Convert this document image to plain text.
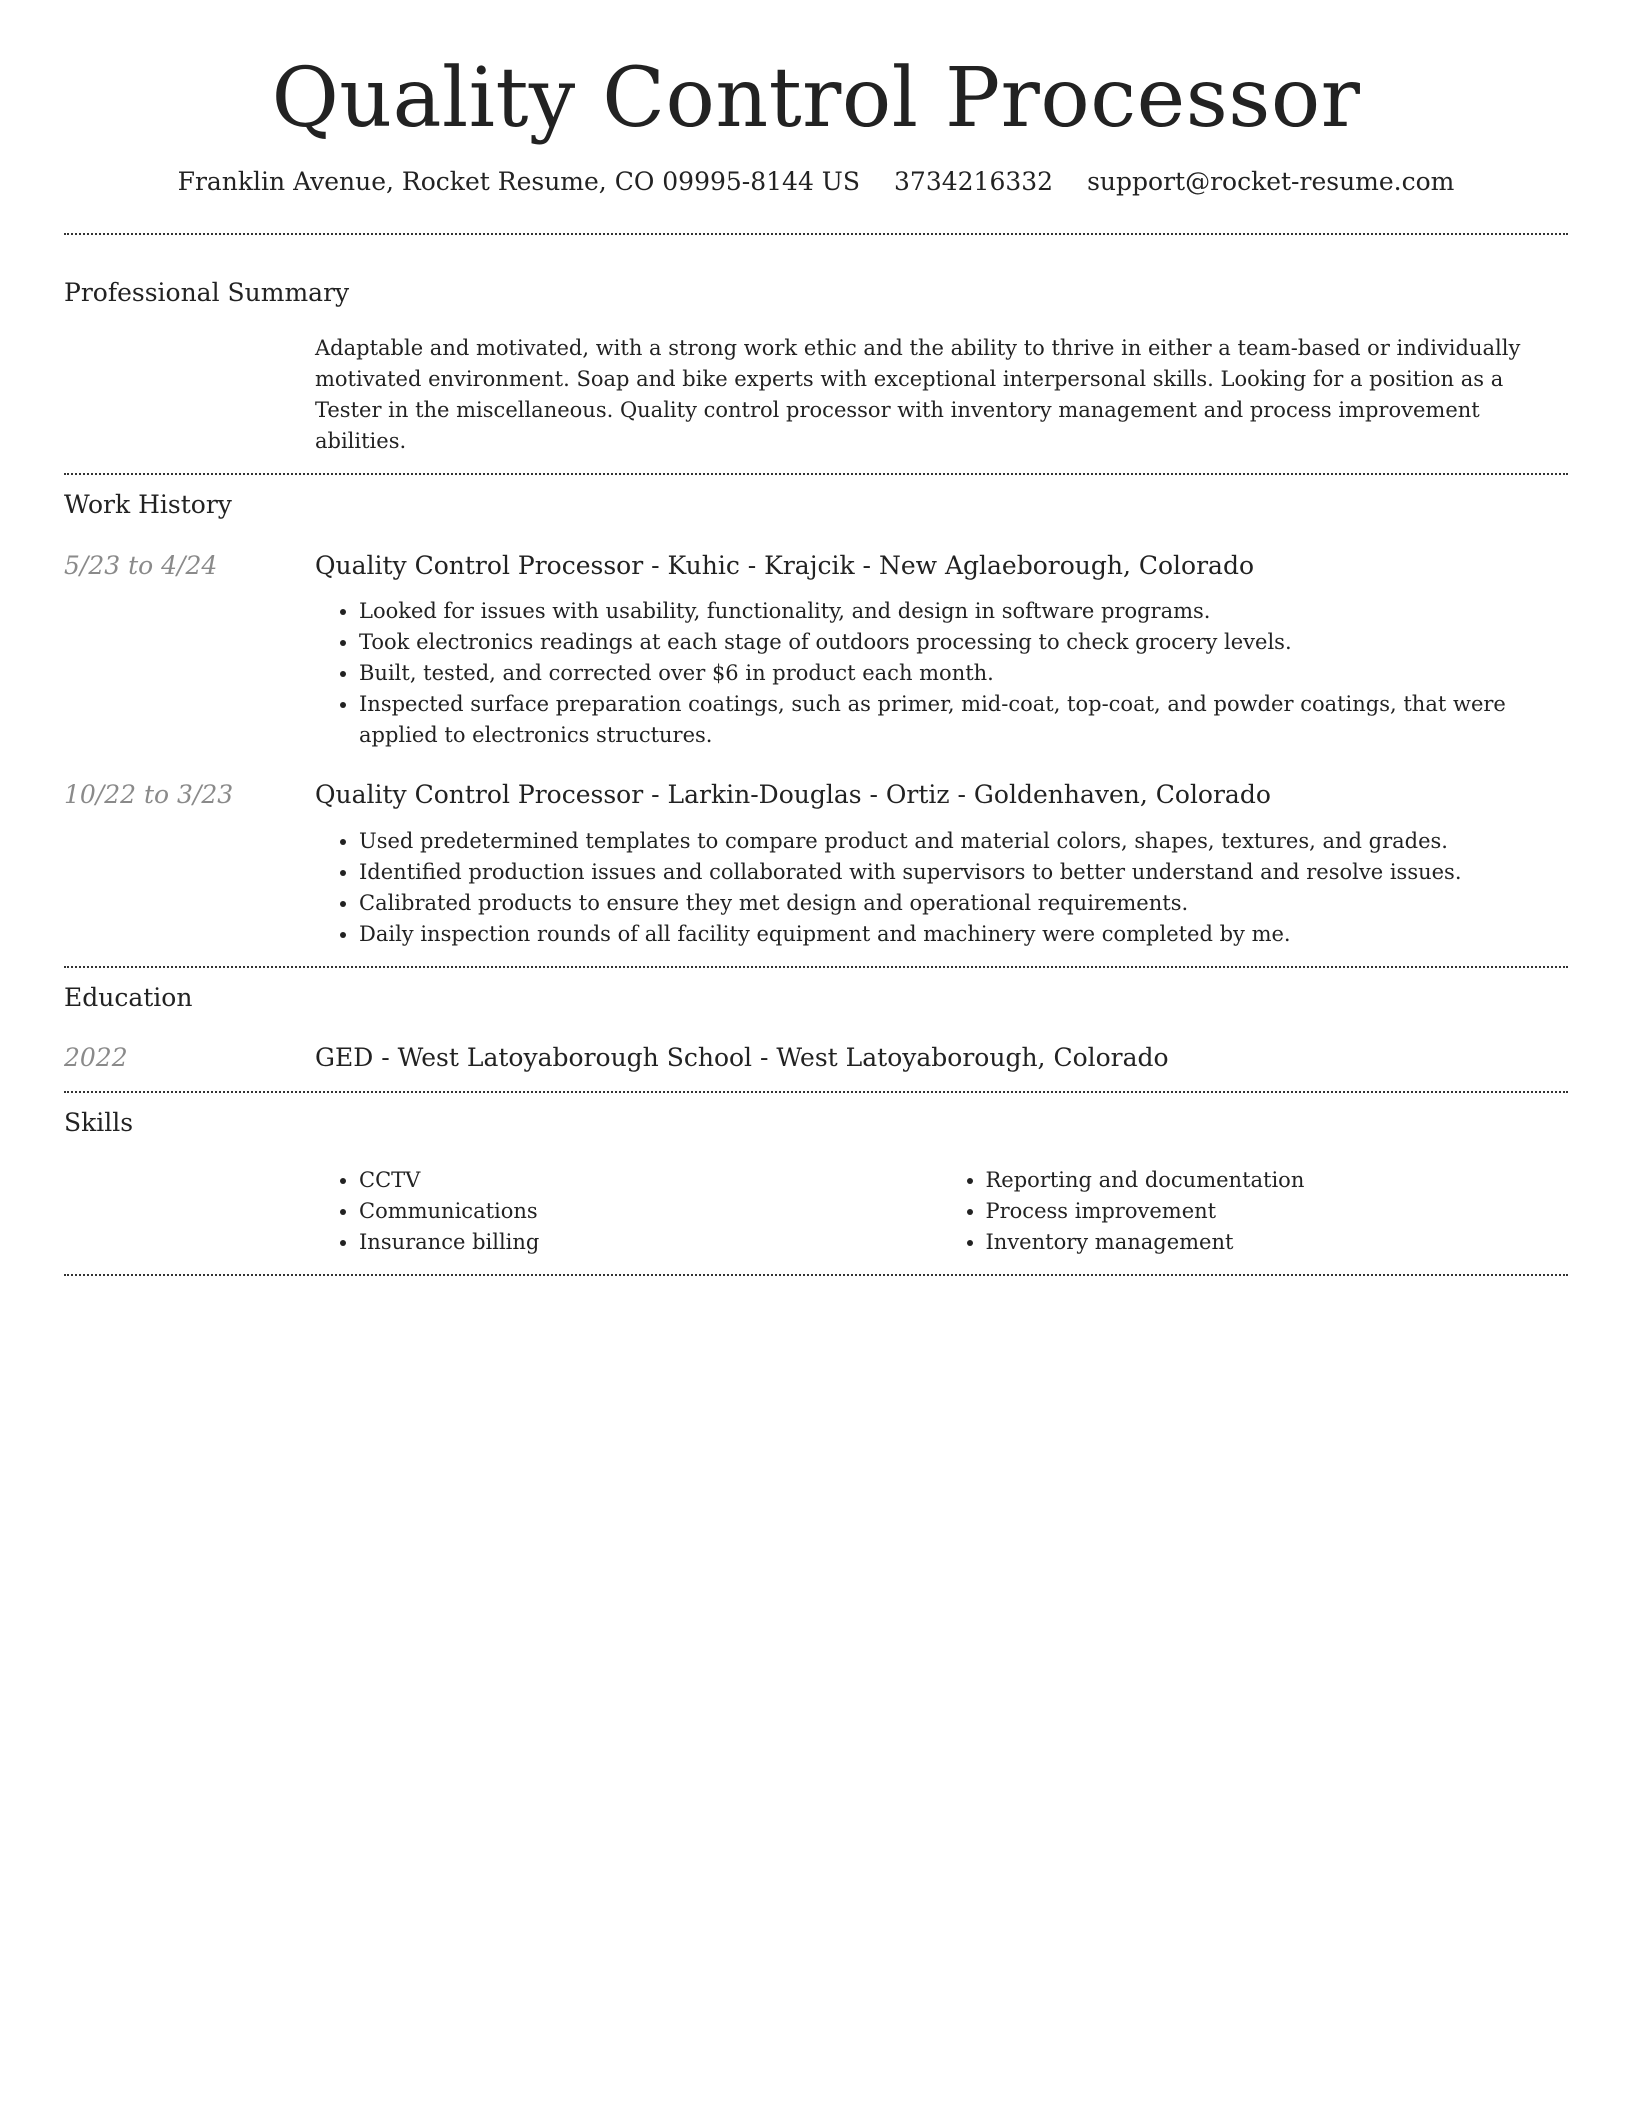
Quality Control Processor
Franklin Avenue, Rocket Resume, CO 09995-8144 US 3734216332 support@rocket-resume.com
Professional Summary

Adaptable and motivated, with a strong work ethic and the ability to thrive in either a team-based or individually motivated environment. Soap and bike experts with exceptional interpersonal skills. Looking for a position as a Tester in the miscellaneous. Quality control processor with inventory management and process improvement abilities.

Work History
5/23 to 4/24	Quality Control Processor - Kuhic - Krajcik - New Aglaeborough, Colorado
• Looked for issues with usability, functionality, and design in software programs.
• Took electronics readings at each stage of outdoors processing to check grocery levels.
• Built, tested, and corrected over $6 in product each month.
• Inspected surface preparation coatings, such as primer, mid-coat, top-coat, and powder coatings, that were applied to electronics structures.
10/22 to 3/23	Quality Control Processor - Larkin-Douglas - Ortiz - Goldenhaven, Colorado
• Used predetermined templates to compare product and material colors, shapes, textures, and grades.
• Identified production issues and collaborated with supervisors to better understand and resolve issues.
• Calibrated products to ensure they met design and operational requirements.
• Daily inspection rounds of all facility equipment and machinery were completed by me.
Education
2022	GED - West Latoyaborough School - West Latoyaborough, Colorado
Skills
• CCTV
• Communications
• Insurance billing
• Reporting and documentation
• Process improvement
• Inventory management
